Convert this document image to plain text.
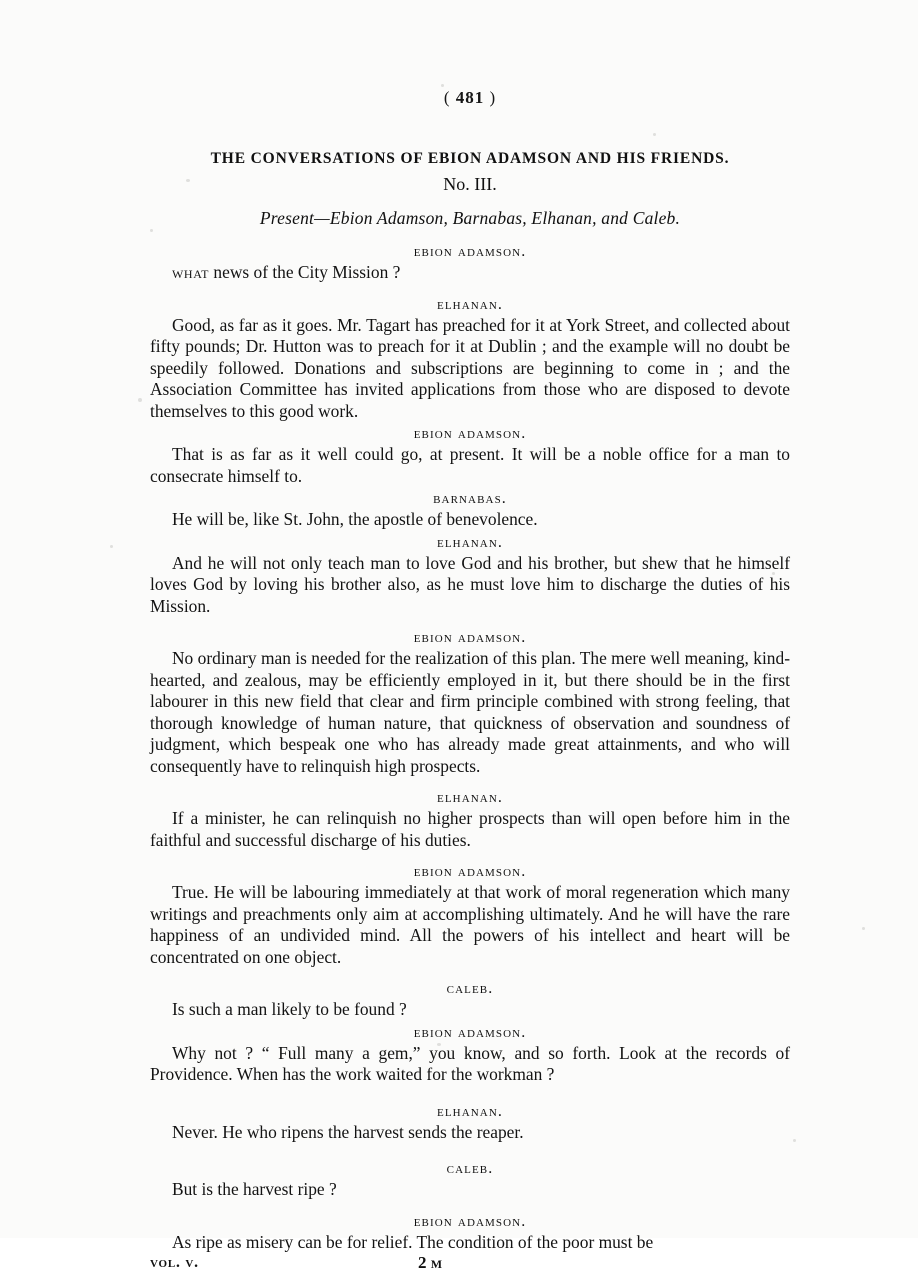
( 481 )
THE CONVERSATIONS OF EBION ADAMSON AND HIS FRIENDS.
No. III.
Present—Ebion Adamson, Barnabas, Elhanan, and Caleb.
ebion adamson.

what news of the City Mission ?

elhanan.

Good, as far as it goes. Mr. Tagart has preached for it at York Street, and collected about fifty pounds; Dr. Hutton was to preach for it at Dublin ; and the example will no doubt be speedily followed. Donations and subscriptions are beginning to come in ; and the Association Committee has invited applications from those who are disposed to devote themselves to this good work.

ebion adamson.

That is as far as it well could go, at present. It will be a noble office for a man to consecrate himself to.

barnabas.

He will be, like St. John, the apostle of benevolence.

elhanan.

And he will not only teach man to love God and his brother, but shew that he himself loves God by loving his brother also, as he must love him to discharge the duties of his Mission.

ebion adamson.

No ordinary man is needed for the realization of this plan. The mere well meaning, kind-hearted, and zealous, may be efficiently employed in it, but there should be in the first labourer in this new field that clear and firm principle combined with strong feeling, that thorough knowledge of human nature, that quickness of observation and soundness of judgment, which bespeak one who has already made great attainments, and who will consequently have to relinquish high prospects.

elhanan.

If a minister, he can relinquish no higher prospects than will open before him in the faithful and successful discharge of his duties.

ebion adamson.

True. He will be labouring immediately at that work of moral regeneration which many writings and preachments only aim at accomplishing ultimately. And he will have the rare happiness of an undivided mind. All the powers of his intellect and heart will be concentrated on one object.

caleb.

Is such a man likely to be found ?

ebion adamson.

Why not ? “ Full many a gem,” you know, and so forth. Look at the records of Providence. When has the work waited for the workman ?

elhanan.

Never. He who ripens the harvest sends the reaper.

caleb.

But is the harvest ripe ?

ebion adamson.

As ripe as misery can be for relief. The condition of the poor must be

vol. v.	2 m
